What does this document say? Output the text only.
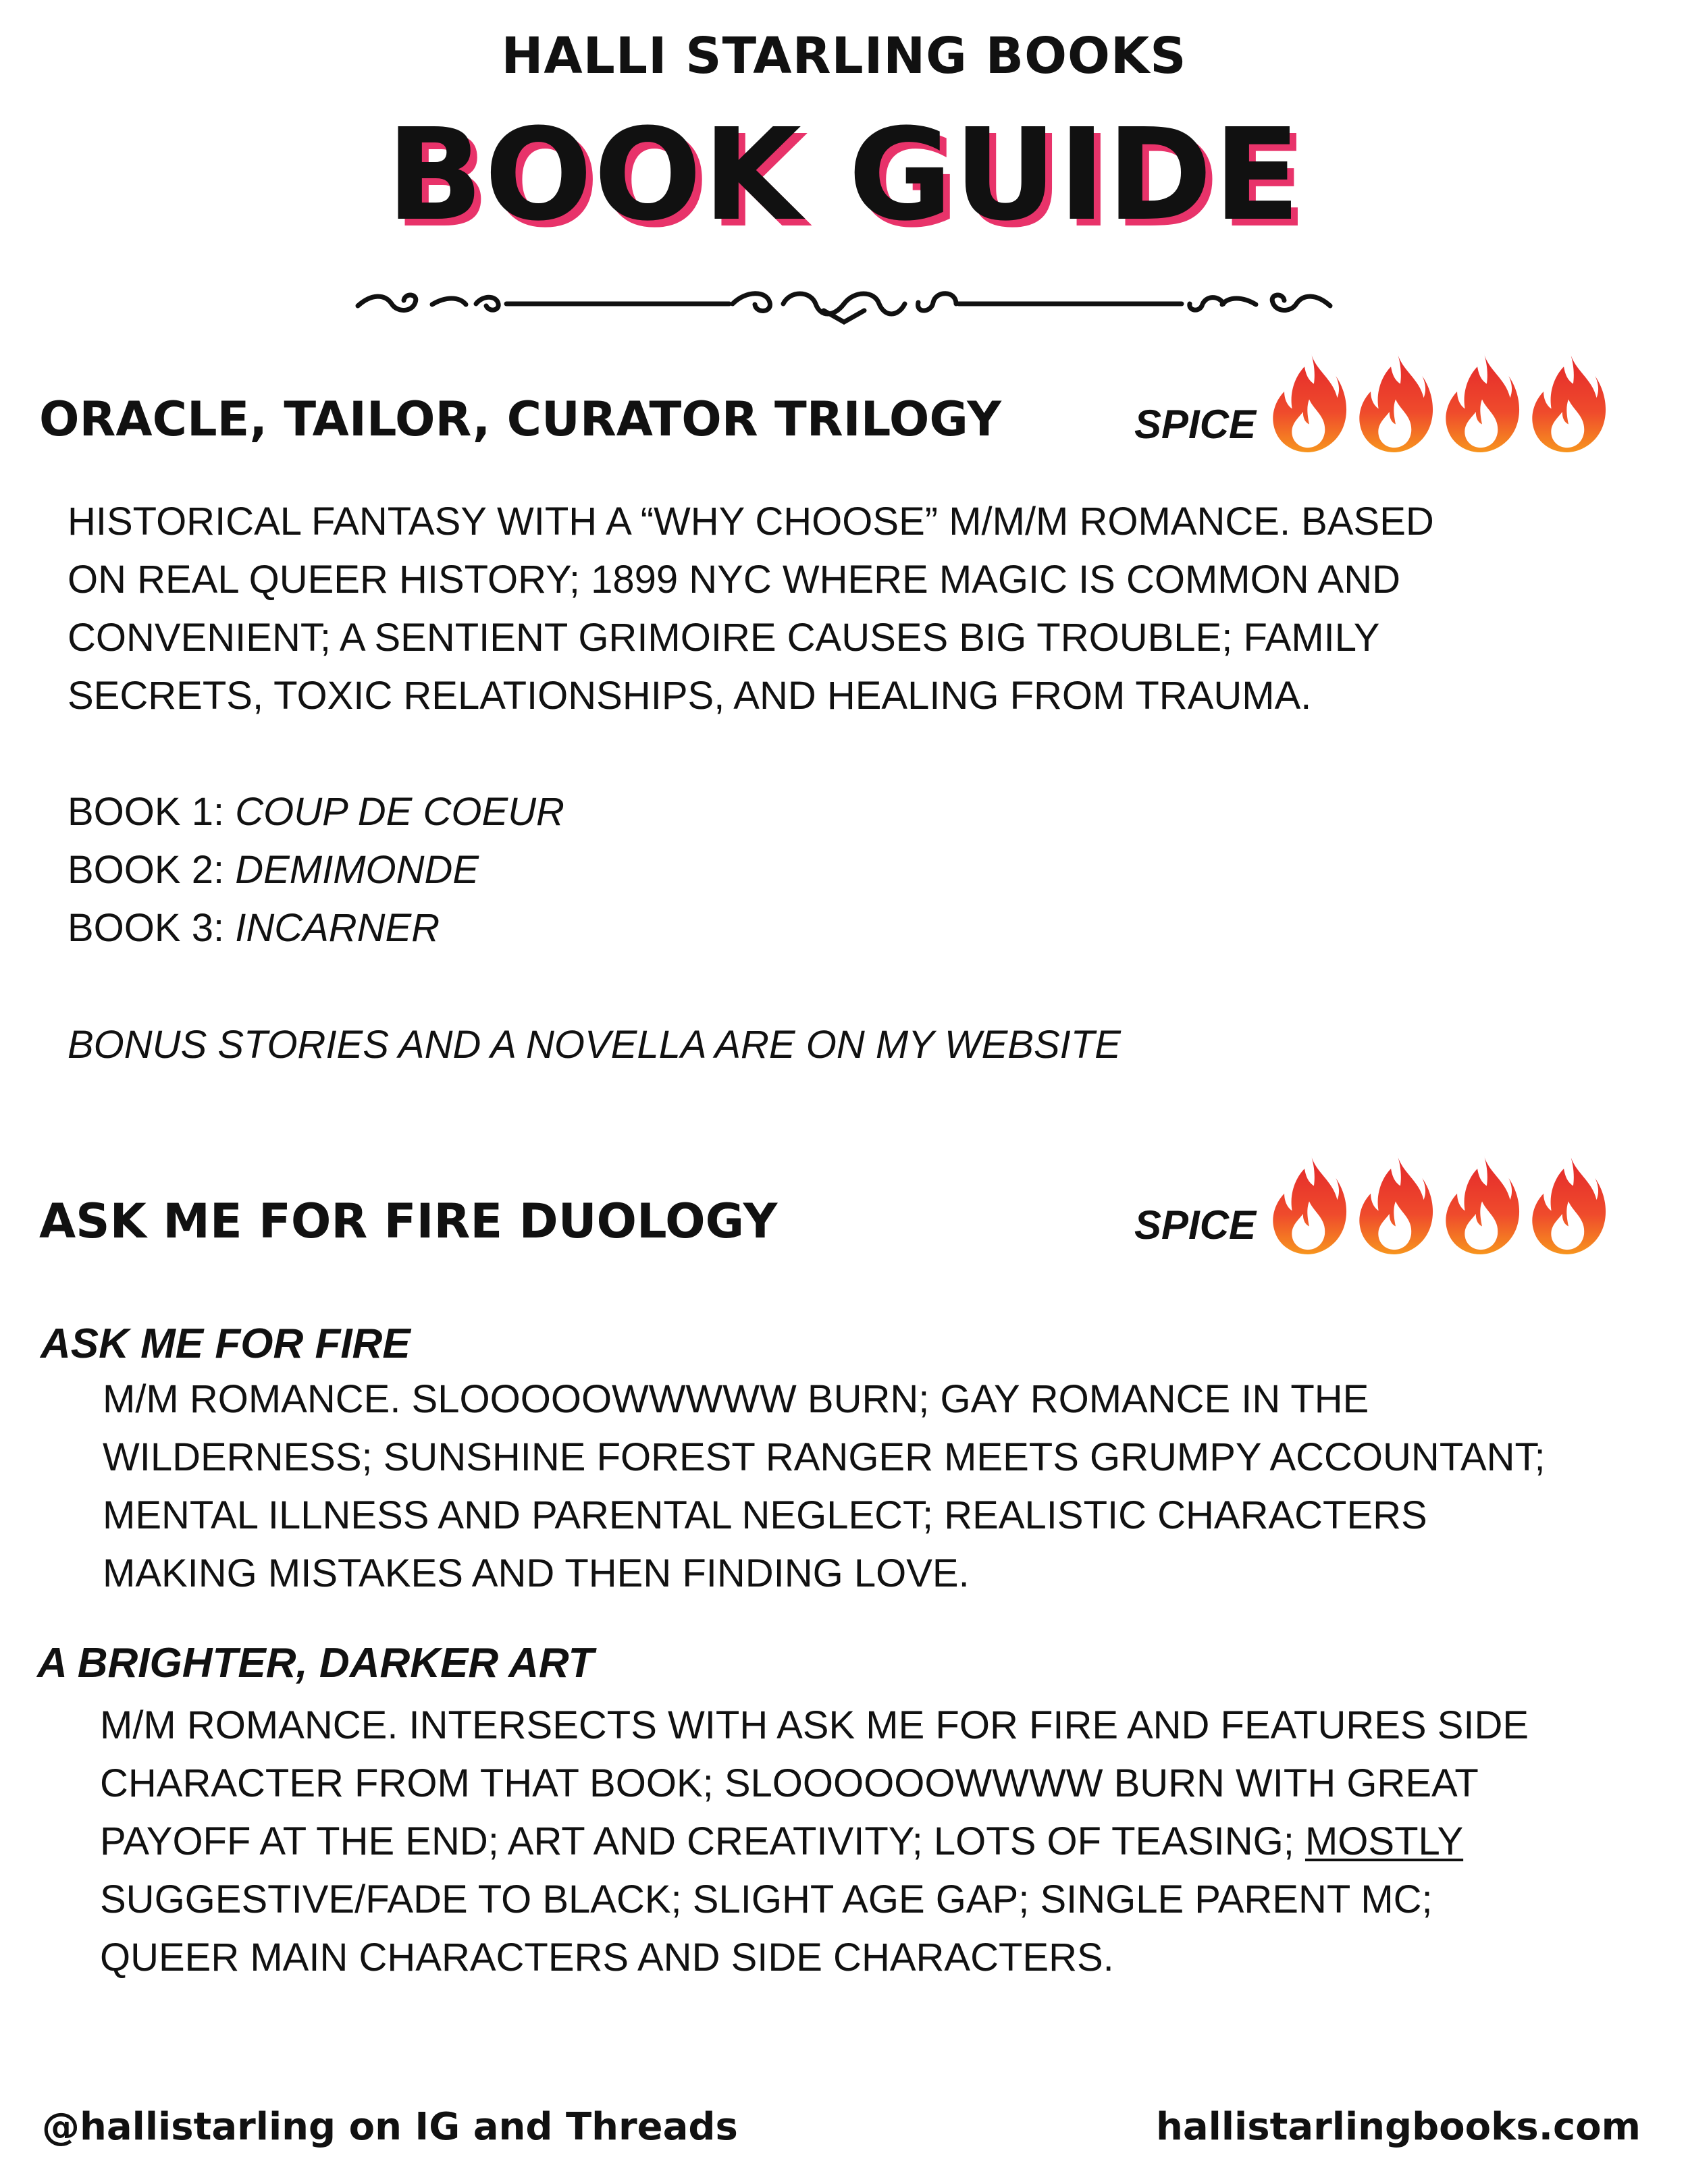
HALLI STARLING BOOKS
BOOK GUIDE
ORACLE, TAILOR, CURATOR TRILOGY	SPICE
HISTORICAL FANTASY WITH A “WHY CHOOSE” M/M/M ROMANCE. BASED
ON REAL QUEER HISTORY; 1899 NYC WHERE MAGIC IS COMMON AND
CONVENIENT; A SENTIENT GRIMOIRE CAUSES BIG TROUBLE; FAMILY
SECRETS, TOXIC RELATIONSHIPS, AND HEALING FROM TRAUMA.
BOOK 1: COUP DE COEUR
BOOK 2: DEMIMONDE
BOOK 3: INCARNER
BONUS STORIES AND A NOVELLA ARE ON MY WEBSITE
ASK ME FOR FIRE DUOLOGY	SPICE
ASK ME FOR FIRE
M/M ROMANCE. SLOOOOOWWWWW BURN; GAY ROMANCE IN THE
WILDERNESS; SUNSHINE FOREST RANGER MEETS GRUMPY ACCOUNTANT;
MENTAL ILLNESS AND PARENTAL NEGLECT; REALISTIC CHARACTERS
MAKING MISTAKES AND THEN FINDING LOVE.
A BRIGHTER, DARKER ART
M/M ROMANCE. INTERSECTS WITH ASK ME FOR FIRE AND FEATURES SIDE
CHARACTER FROM THAT BOOK; SLOOOOOOWWWW BURN WITH GREAT
PAYOFF AT THE END; ART AND CREATIVITY; LOTS OF TEASING; MOSTLY
SUGGESTIVE/FADE TO BLACK; SLIGHT AGE GAP; SINGLE PARENT MC;
QUEER MAIN CHARACTERS AND SIDE CHARACTERS.
@hallistarling on IG and Threads	hallistarlingbooks.com
